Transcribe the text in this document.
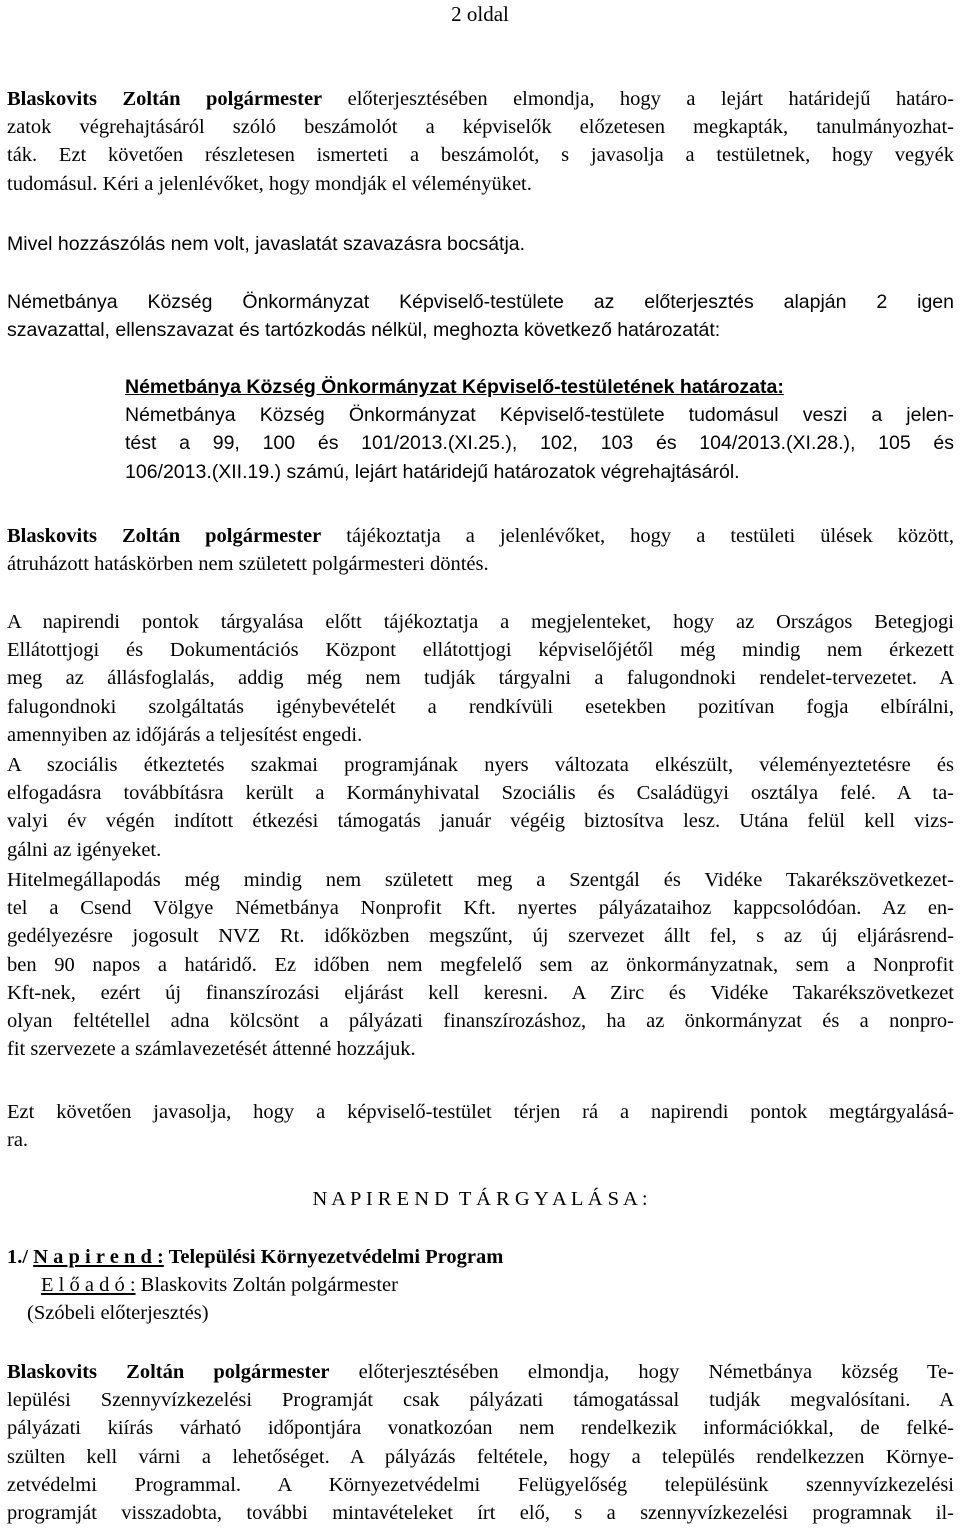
2 oldal
Blaskovits Zoltán polgármester előterjesztésében elmondja, hogy a lejárt határidejű határo-
zatok végrehajtásáról szóló beszámolót a képviselők előzetesen megkapták, tanulmányozhat-
ták. Ezt követően részletesen ismerteti a beszámolót, s javasolja a testületnek, hogy vegyék
tudomásul. Kéri a jelenlévőket, hogy mondják el véleményüket.
Mivel hozzászólás nem volt, javaslatát szavazásra bocsátja.
Németbánya Község Önkormányzat Képviselő-testülete az előterjesztés alapján 2 igen
szavazattal, ellenszavazat és tartózkodás nélkül, meghozta következő határozatát:
Németbánya Község Önkormányzat Képviselő-testületének határozata:
Németbánya Község Önkormányzat Képviselő-testülete tudomásul veszi a jelen-
tést a 99, 100 és 101/2013.(XI.25.), 102, 103 és 104/2013.(XI.28.), 105 és
106/2013.(XII.19.) számú, lejárt határidejű határozatok végrehajtásáról.
Blaskovits Zoltán polgármester tájékoztatja a jelenlévőket, hogy a testületi ülések között,
átruházott hatáskörben nem született polgármesteri döntés.
A napirendi pontok tárgyalása előtt tájékoztatja a megjelenteket, hogy az Országos Betegjogi
Ellátottjogi és Dokumentációs Központ ellátottjogi képviselőjétől még mindig nem érkezett
meg az állásfoglalás, addig még nem tudják tárgyalni a falugondnoki rendelet-tervezetet. A
falugondnoki szolgáltatás igénybevételét a rendkívüli esetekben pozitívan fogja elbírálni,
amennyiben az időjárás a teljesítést engedi.
A szociális étkeztetés szakmai programjának nyers változata elkészült, véleményeztetésre és
elfogadásra továbbításra került a Kormányhivatal Szociális és Családügyi osztálya felé. A ta-
valyi év végén indított étkezési támogatás január végéig biztosítva lesz. Utána felül kell vizs-
gálni az igényeket.
Hitelmegállapodás még mindig nem született meg a Szentgál és Vidéke Takarékszövetkezet-
tel a Csend Völgye Németbánya Nonprofit Kft. nyertes pályázataihoz kappcsolódóan. Az en-
gedélyezésre jogosult NVZ Rt. időközben megszűnt, új szervezet állt fel, s az új eljárásrend-
ben 90 napos a határidő. Ez időben nem megfelelő sem az önkormányzatnak, sem a Nonprofit
Kft-nek, ezért új finanszírozási eljárást kell keresni. A Zirc és Vidéke Takarékszövetkezet
olyan feltétellel adna kölcsönt a pályázati finanszírozáshoz, ha az önkormányzat és a nonpro-
fit szervezete a számlavezetését áttenné hozzájuk.
Ezt követően javasolja, hogy a képviselő-testület térjen rá a napirendi pontok megtárgyalásá-
ra.
N A P I R E N D  T Á R G Y A L Á S A :
1./ N a p i r e n d : Települési Környezetvédelmi Program
E l ő a d ó : Blaskovits Zoltán polgármester
(Szóbeli előterjesztés)
Blaskovits Zoltán polgármester előterjesztésében elmondja, hogy Németbánya község Te-
lepülési Szennyvízkezelési Programját csak pályázati támogatással tudják megvalósítani. A
pályázati kiírás várható időpontjára vonatkozóan nem rendelkezik információkkal, de felké-
szülten kell várni a lehetőséget. A pályázás feltétele, hogy a település rendelkezzen Környe-
zetvédelmi Programmal. A Környezetvédelmi Felügyelőség településünk szennyvízkezelési
programját visszadobta, további mintavételeket írt elő, s a szennyvízkezelési programnak il-
